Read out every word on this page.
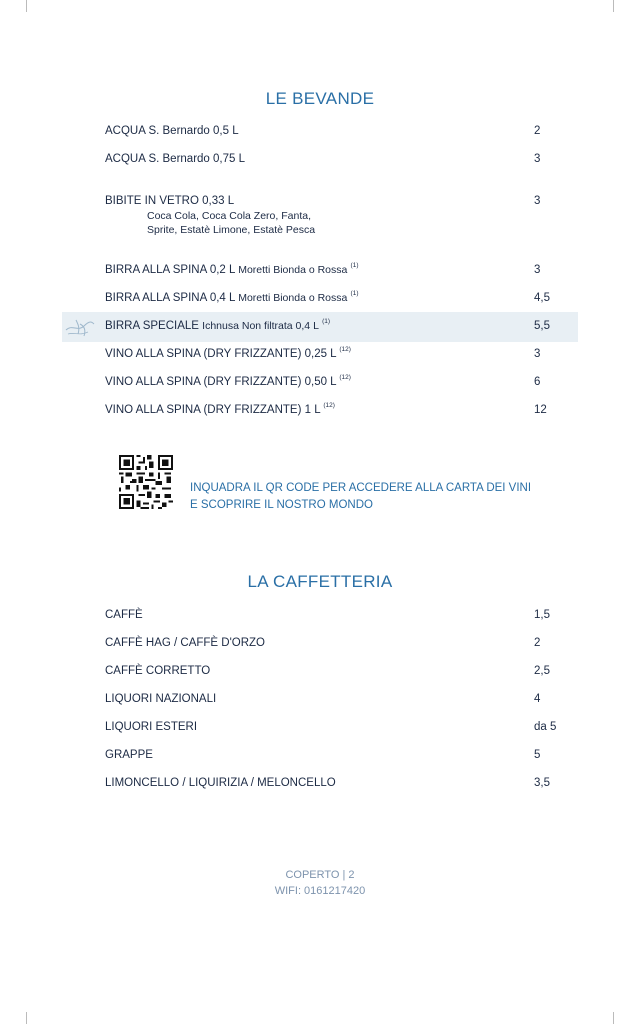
LE BEVANDE
ACQUA S. Bernardo 0,5 L	2
ACQUA S. Bernardo 0,75 L	3
BIBITE IN VETRO 0,33 L	3
Coca Cola, Coca Cola Zero, Fanta,
Sprite, Estatè Limone, Estatè Pesca
BIRRA ALLA SPINA 0,2 L Moretti Bionda o Rossa $^{(1)}$	3
BIRRA ALLA SPINA 0,4 L Moretti Bionda o Rossa $^{(1)}$	4,5
BIRRA SPECIALE Ichnusa Non filtrata 0,4 L $^{(1)}$	5,5
VINO ALLA SPINA (DRY FRIZZANTE) 0,25 L $^{(12)}$	3
VINO ALLA SPINA (DRY FRIZZANTE) 0,50 L $^{(12)}$	6
VINO ALLA SPINA (DRY FRIZZANTE) 1 L $^{(12)}$	12
INQUADRA IL QR CODE PER ACCEDERE ALLA CARTA DEI VINI
E SCOPRIRE IL NOSTRO MONDO
LA CAFFETTERIA
CAFFÈ	1,5
CAFFÈ HAG / CAFFÈ D'ORZO	2
CAFFÈ CORRETTO	2,5
LIQUORI NAZIONALI	4
LIQUORI ESTERI	da 5
GRAPPE	5
LIMONCELLO / LIQUIRIZIA / MELONCELLO	3,5
COPERTO | 2
WIFI: 0161217420
